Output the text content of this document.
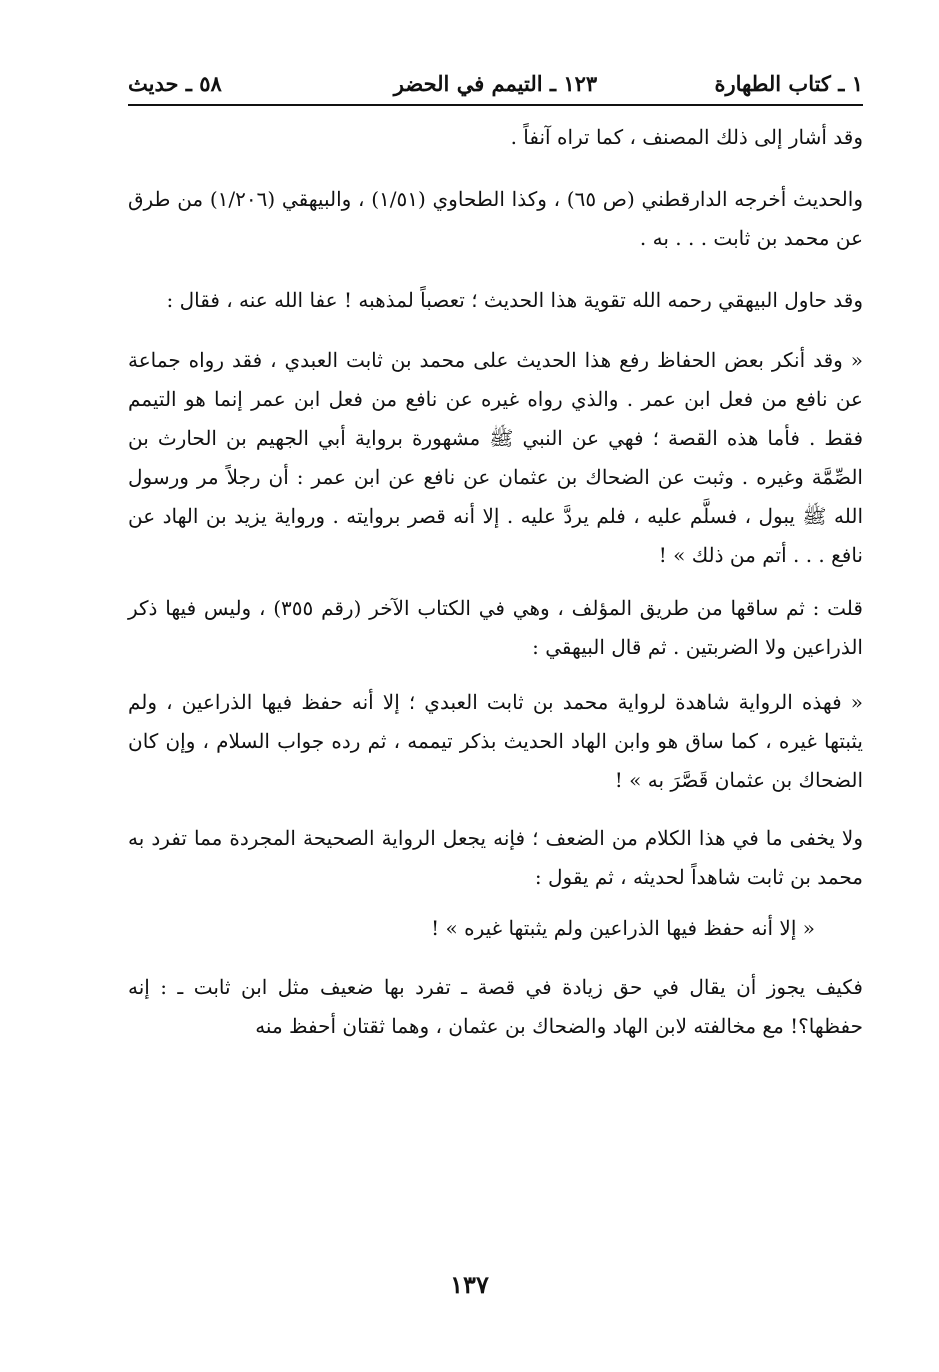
١ ـ كتاب الطهارة
١٢٣ ـ التيمم في الحضر
٥٨ ـ حديث

وقد أشار إلى ذلك المصنف ، كما تراه آنفاً .

والحديث أخرجه الدارقطني (ص ٦٥) ، وكذا الطحاوي (١/٥١) ، والبيهقي (١/٢٠٦) من طرق عن محمد بن ثابت . . . به .

وقد حاول البيهقي رحمه الله تقوية هذا الحديث ؛ تعصباً لمذهبه ! عفا الله عنه ، فقال :

« وقد أنكر بعض الحفاظ رفع هذا الحديث على محمد بن ثابت العبدي ، فقد رواه جماعة عن نافع من فعل ابن عمر . والذي رواه غيره عن نافع من فعل ابن عمر إنما هو التيمم فقط . فأما هذه القصة ؛ فهي عن النبي ﷺ مشهورة برواية أبي الجهيم بن الحارث بن الصِّمَّة وغيره . وثبت عن الضحاك بن عثمان عن نافع عن ابن عمر : أن رجلاً مر ورسول الله ﷺ يبول ، فسلَّم عليه ، فلم يردَّ عليه . إلا أنه قصر بروايته . ورواية يزيد بن الهاد عن نافع . . . أتم من ذلك » !

قلت : ثم ساقها من طريق المؤلف ، وهي في الكتاب الآخر (رقم ٣٥٥) ، وليس فيها ذكر الذراعين ولا الضربتين . ثم قال البيهقي :

« فهذه الرواية شاهدة لرواية محمد بن ثابت العبدي ؛ إلا أنه حفظ فيها الذراعين ، ولم يثبتها غيره ، كما ساق هو وابن الهاد الحديث بذكر تيممه ، ثم رده جواب السلام ، وإن كان الضحاك بن عثمان قَصَّرَ به » !

ولا يخفى ما في هذا الكلام من الضعف ؛ فإنه يجعل الرواية الصحيحة المجردة مما تفرد به محمد بن ثابت شاهداً لحديثه ، ثم يقول :

« إلا أنه حفظ فيها الذراعين ولم يثبتها غيره » !

فكيف يجوز أن يقال في حق زيادة في قصة ـ تفرد بها ضعيف مثل ابن ثابت ـ : إنه حفظها؟! مع مخالفته لابن الهاد والضحاك بن عثمان ، وهما ثقتان أحفظ منه

١٣٧
